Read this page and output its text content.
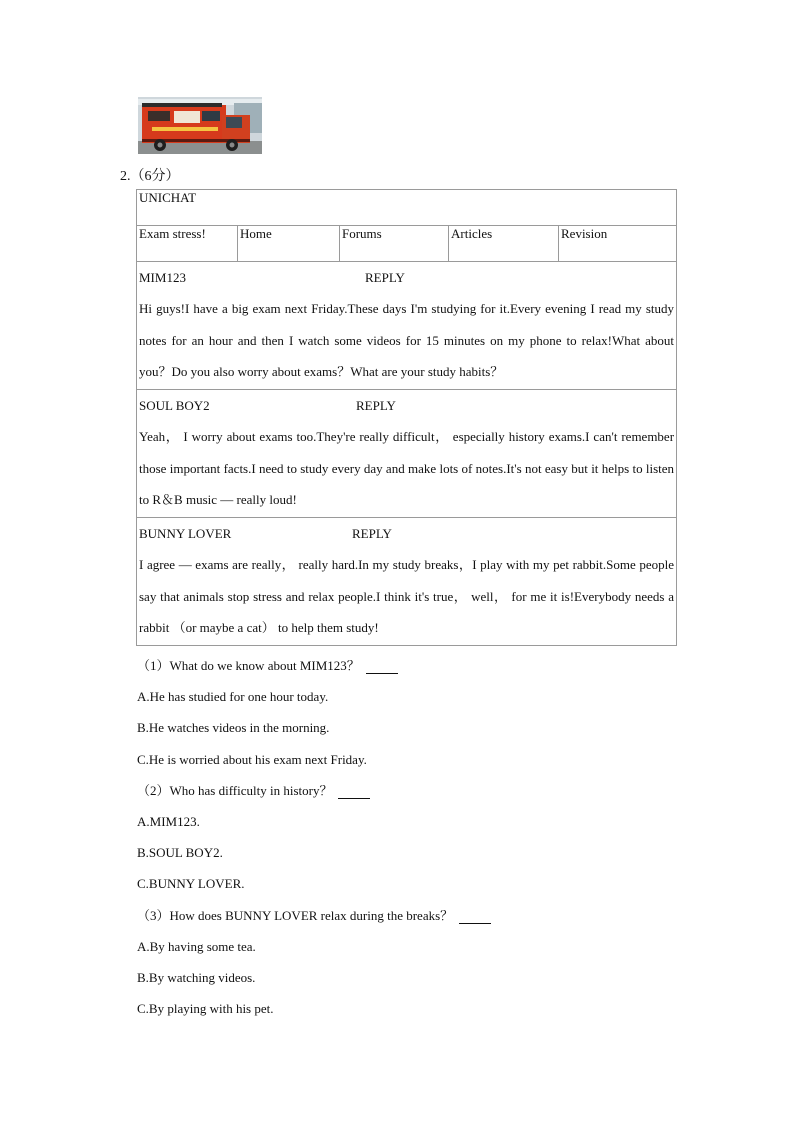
2.（6分）
UNICHAT
Exam stress!	Home	Forums	Articles	Revision

MIM123	REPLY
Hi guys!I have a big exam next Friday.These days I'm studying for it.Every evening I read my study notes for an hour and then I watch some videos for 15 minutes on my phone to relax!What about you？Do you also worry about exams？What are your study habits？

SOUL BOY2	REPLY
Yeah， I worry about exams too.They're really difficult， especially history exams.I can't remember those important facts.I need to study every day and make lots of notes.It's not easy but it helps to listen to R＆B music — really loud!

BUNNY LOVER	REPLY
I agree — exams are really， really hard.In my study breaks，I play with my pet rabbit.Some people say that animals stop stress and relax people.I think it's true， well， for me it is!Everybody needs a rabbit （or maybe a cat） to help them study!
（1）What do we know about MIM123？
A.He has studied for one hour today.
B.He watches videos in the morning.
C.He is worried about his exam next Friday.
（2）Who has difficulty in history？
A.MIM123.
B.SOUL BOY2.
C.BUNNY LOVER.
（3）How does BUNNY LOVER relax during the breaks？
A.By having some tea.
B.By watching videos.
C.By playing with his pet.
